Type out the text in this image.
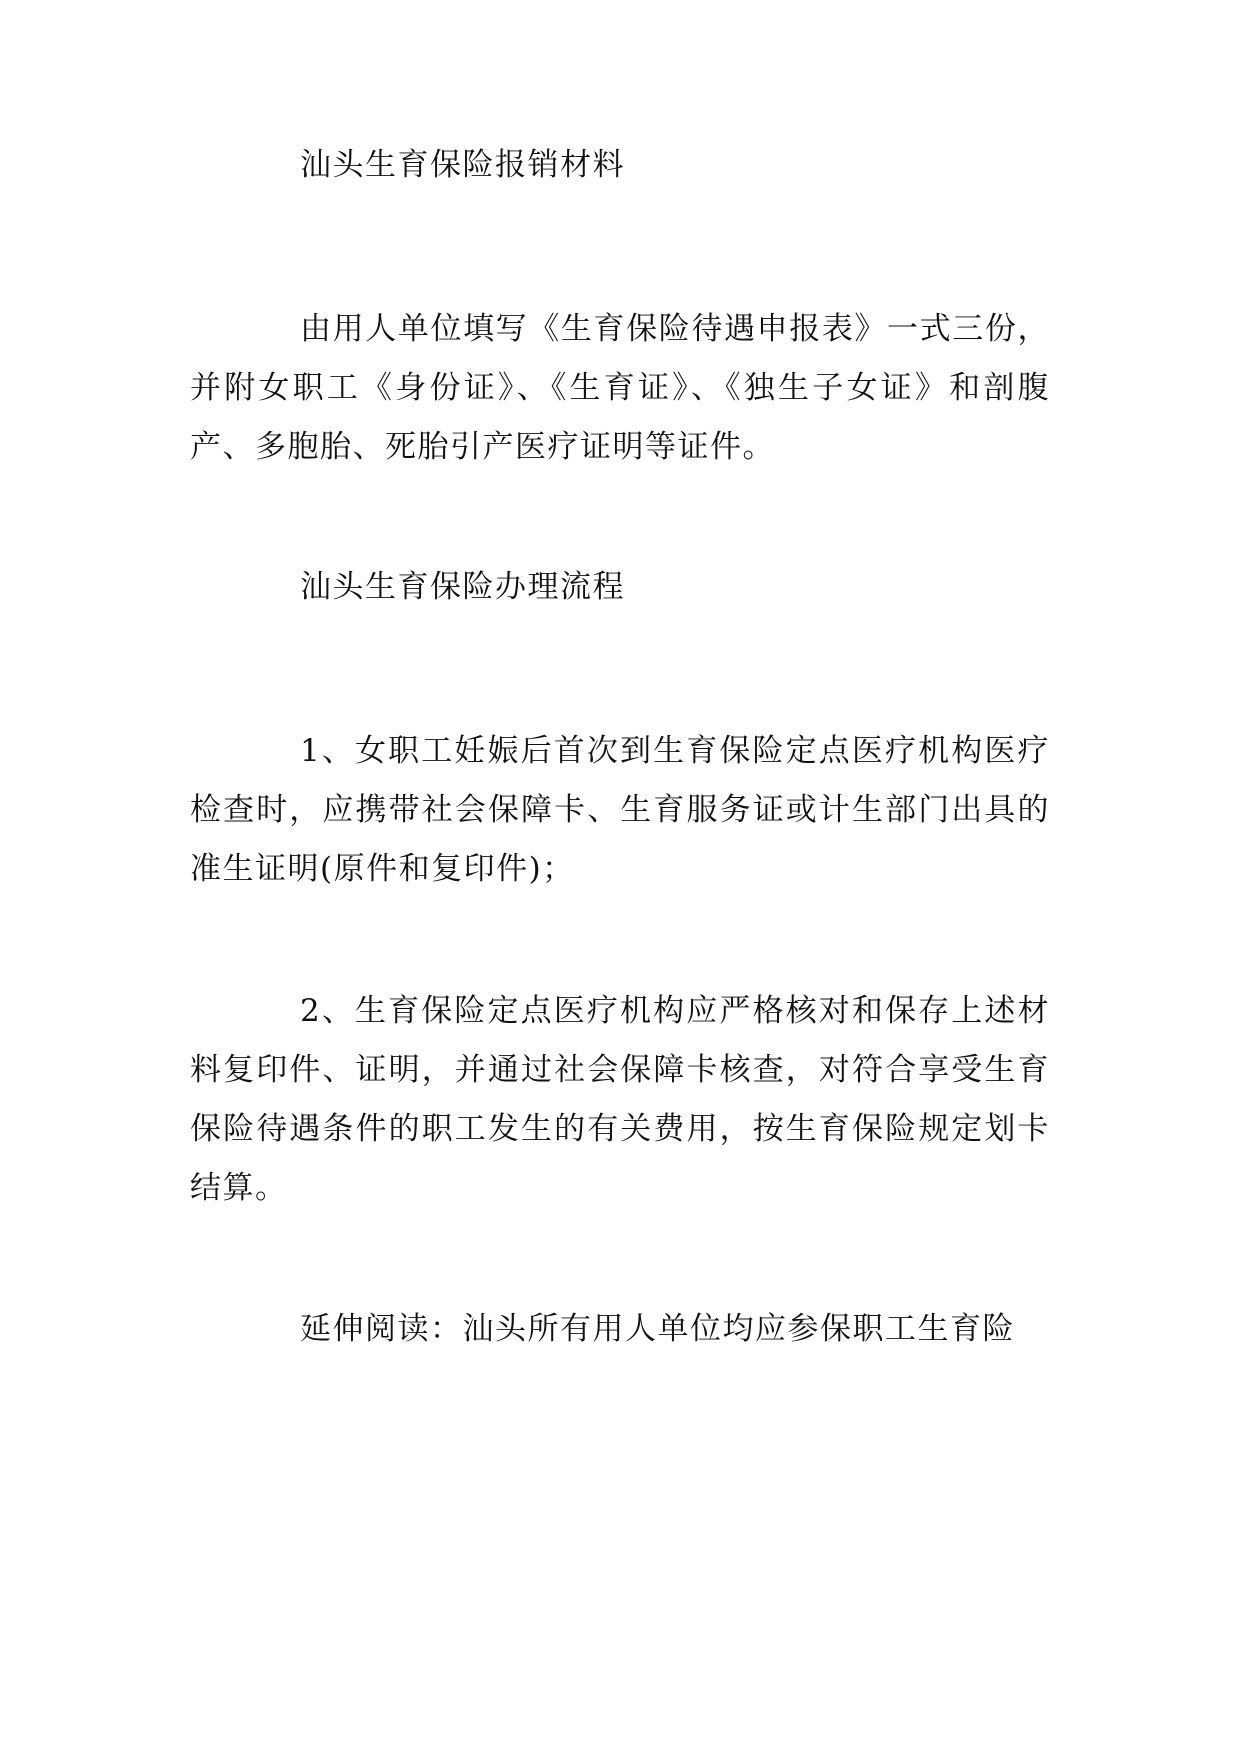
汕头生育保险报销材料

由用人单位填写《生育保险待遇申报表》一式三份，并附女职工《身份证》、《生育证》、《独生子女证》和剖腹产、多胞胎、死胎引产医疗证明等证件。

汕头生育保险办理流程

1、女职工妊娠后首次到生育保险定点医疗机构医疗检查时，应携带社会保障卡、生育服务证或计生部门出具的准生证明(原件和复印件)；

2、生育保险定点医疗机构应严格核对和保存上述材料复印件、证明，并通过社会保障卡核查，对符合享受生育保险待遇条件的职工发生的有关费用，按生育保险规定划卡结算。

延伸阅读：汕头所有用人单位均应参保职工生育险
